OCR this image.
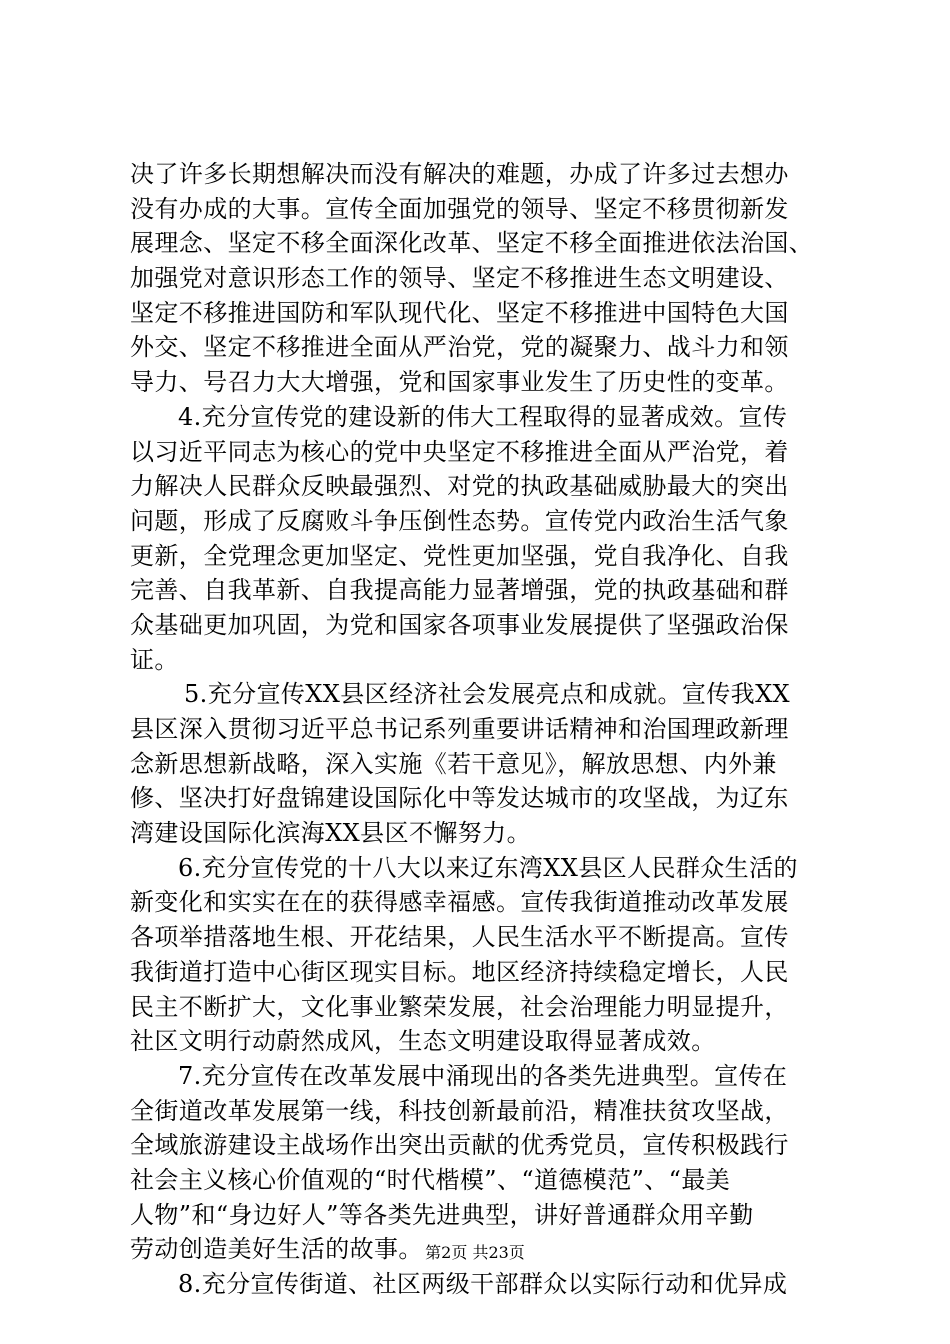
决了许多长期想解决而没有解决的难题，办成了许多过去想办
没有办成的大事。宣传全面加强党的领导、坚定不移贯彻新发
展理念、坚定不移全面深化改革、坚定不移全面推进依法治国、
加强党对意识形态工作的领导、坚定不移推进生态文明建设、
坚定不移推进国防和军队现代化、坚定不移推进中国特色大国
外交、坚定不移推进全面从严治党，党的凝聚力、战斗力和领
导力、号召力大大增强，党和国家事业发生了历史性的变革。
4.充分宣传党的建设新的伟大工程取得的显著成效。宣传
以习近平同志为核心的党中央坚定不移推进全面从严治党，着
力解决人民群众反映最强烈、对党的执政基础威胁最大的突出
问题，形成了反腐败斗争压倒性态势。宣传党内政治生活气象
更新，全党理念更加坚定、党性更加坚强，党自我净化、自我
完善、自我革新、自我提高能力显著增强，党的执政基础和群
众基础更加巩固，为党和国家各项事业发展提供了坚强政治保
证。
5.充分宣传XX县区经济社会发展亮点和成就。宣传我XX
县区深入贯彻习近平总书记系列重要讲话精神和治国理政新理
念新思想新战略，深入实施《若干意见》，解放思想、内外兼
修、坚决打好盘锦建设国际化中等发达城市的攻坚战，为辽东
湾建设国际化滨海XX县区不懈努力。
6.充分宣传党的十八大以来辽东湾XX县区人民群众生活的
新变化和实实在在的获得感幸福感。宣传我街道推动改革发展
各项举措落地生根、开花结果，人民生活水平不断提高。宣传
我街道打造中心街区现实目标。地区经济持续稳定增长，人民
民主不断扩大，文化事业繁荣发展，社会治理能力明显提升，
社区文明行动蔚然成风，生态文明建设取得显著成效。
7.充分宣传在改革发展中涌现出的各类先进典型。宣传在
全街道改革发展第一线，科技创新最前沿，精准扶贫攻坚战，
全域旅游建设主战场作出突出贡献的优秀党员，宣传积极践行
社会主义核心价值观的“时代楷模”、“道德模范”、“最美
人物”和“身边好人”等各类先进典型，讲好普通群众用辛勤
劳动创造美好生活的故事。
8.充分宣传街道、社区两级干部群众以实际行动和优异成
第2页 共23页
